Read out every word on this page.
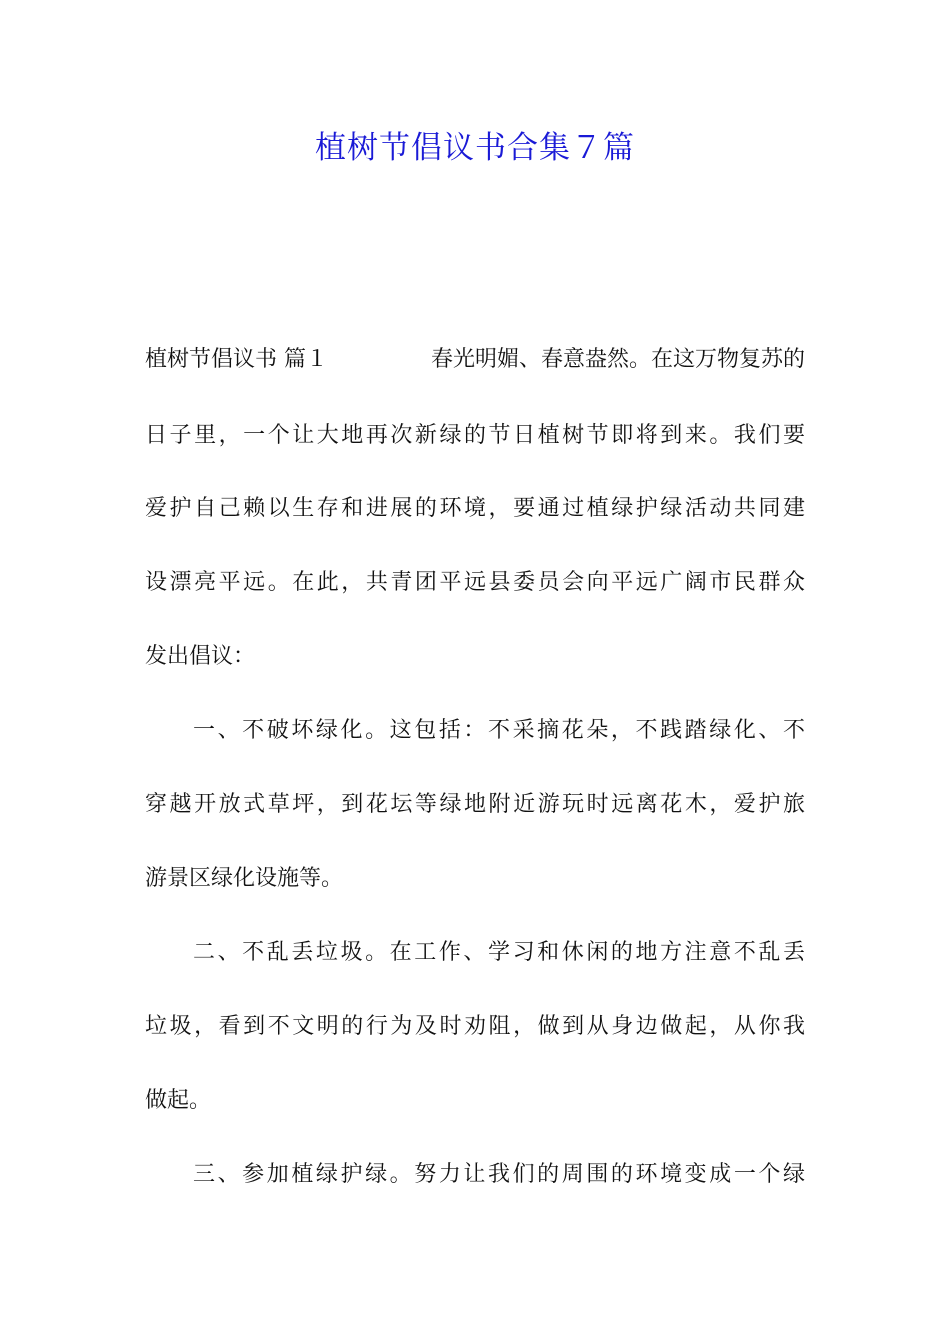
植树节倡议书合集７篇
植树节倡议书 篇１	春光明媚、春意盎然。在这万物复苏的

日子里，一个让大地再次新绿的节日植树节即将到来。我们要

爱护自己赖以生存和进展的环境，要通过植绿护绿活动共同建

设漂亮平远。在此，共青团平远县委员会向平远广阔市民群众

发出倡议：

一、不破坏绿化。这包括：不采摘花朵，不践踏绿化、不

穿越开放式草坪，到花坛等绿地附近游玩时远离花木，爱护旅

游景区绿化设施等。

二、不乱丢垃圾。在工作、学习和休闲的地方注意不乱丢

垃圾，看到不文明的行为及时劝阻，做到从身边做起，从你我

做起。

三、参加植绿护绿。努力让我们的周围的环境变成一个绿
